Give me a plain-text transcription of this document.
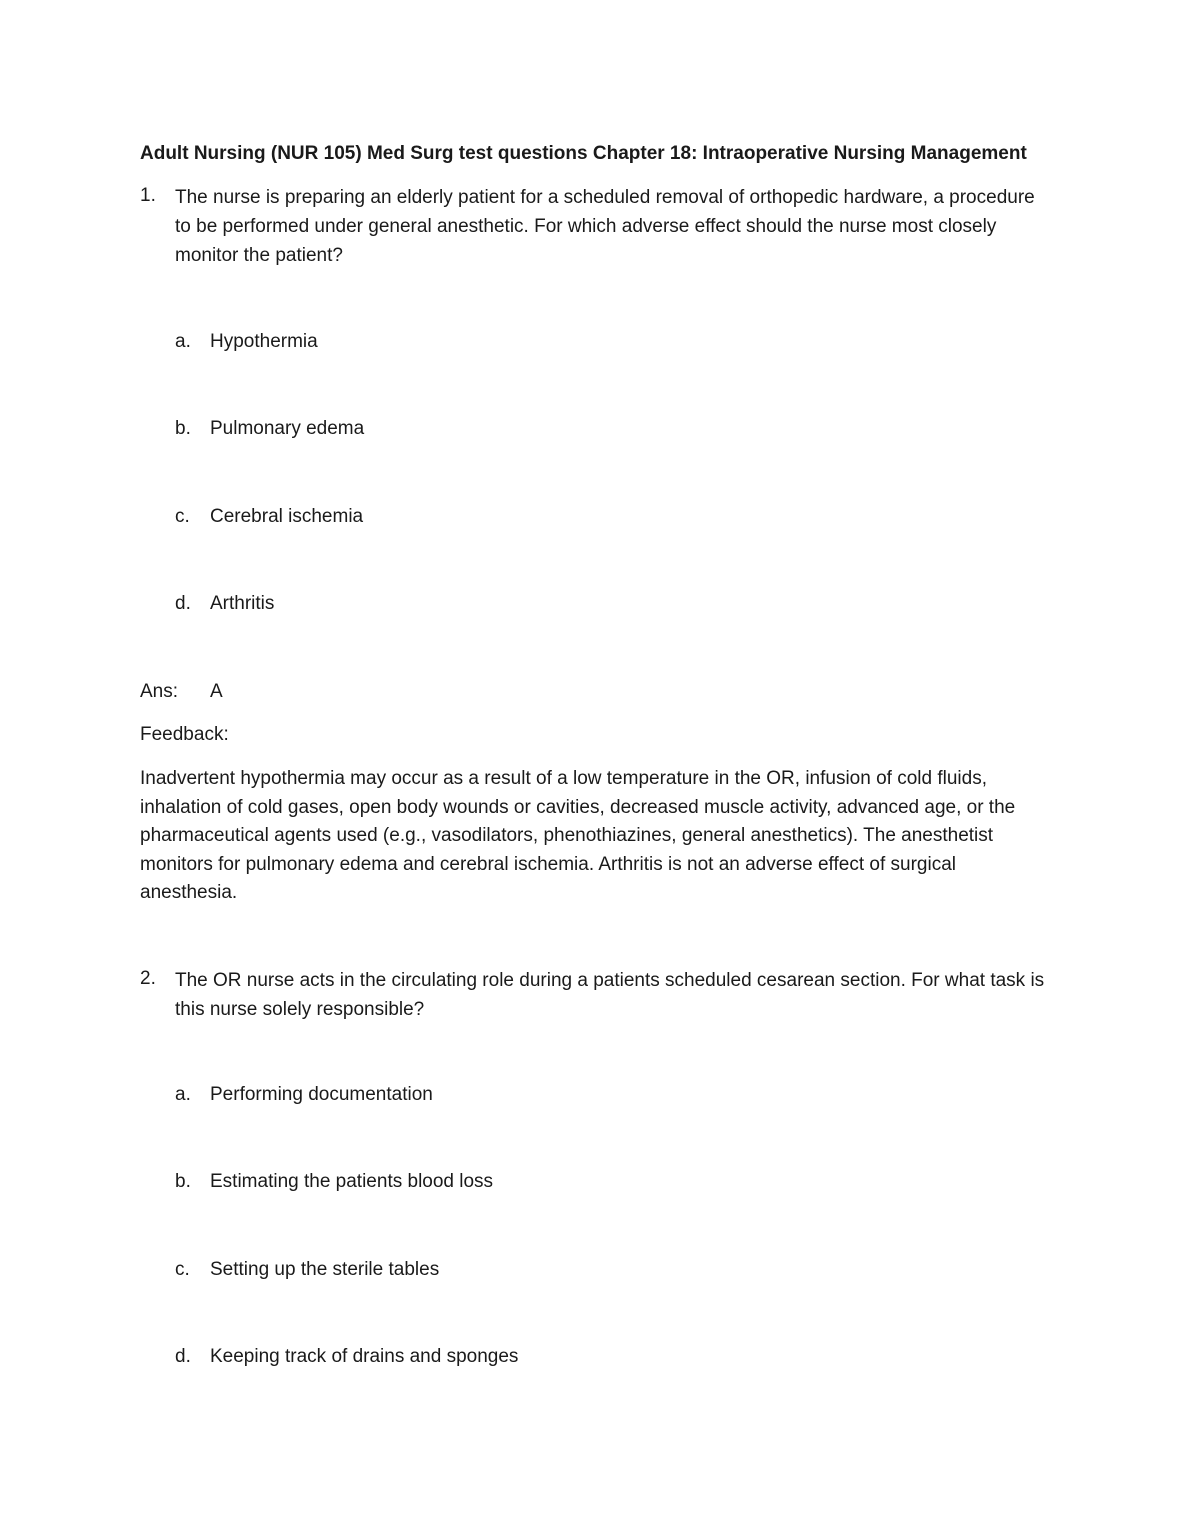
Adult Nursing (NUR 105) Med Surg test questions Chapter 18: Intraoperative Nursing Management
1. The nurse is preparing an elderly patient for a scheduled removal of orthopedic hardware, a procedure to be performed under general anesthetic. For which adverse effect should the nurse most closely monitor the patient?
a. Hypothermia
b. Pulmonary edema
c. Cerebral ischemia
d. Arthritis
Ans: A
Feedback:
Inadvertent hypothermia may occur as a result of a low temperature in the OR, infusion of cold fluids, inhalation of cold gases, open body wounds or cavities, decreased muscle activity, advanced age, or the pharmaceutical agents used (e.g., vasodilators, phenothiazines, general anesthetics). The anesthetist monitors for pulmonary edema and cerebral ischemia. Arthritis is not an adverse effect of surgical anesthesia.
2. The OR nurse acts in the circulating role during a patients scheduled cesarean section. For what task is this nurse solely responsible?
a. Performing documentation
b. Estimating the patients blood loss
c. Setting up the sterile tables
d. Keeping track of drains and sponges
